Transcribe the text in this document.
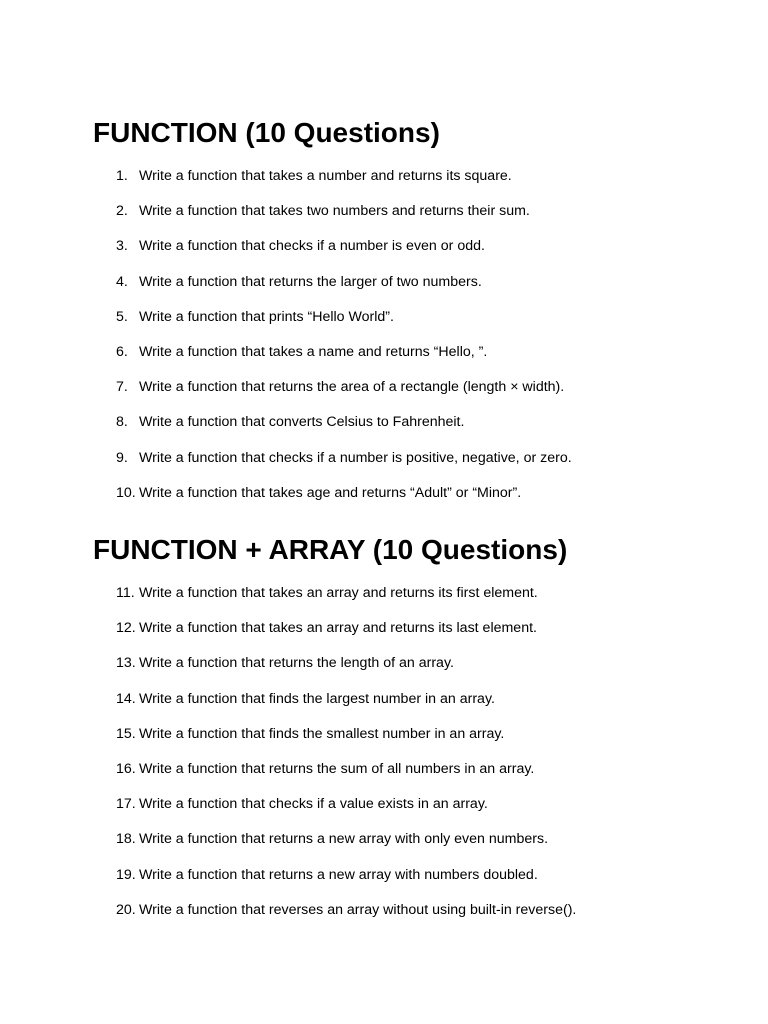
FUNCTION (10 Questions)
1. Write a function that takes a number and returns its square.
2. Write a function that takes two numbers and returns their sum.
3. Write a function that checks if a number is even or odd.
4. Write a function that returns the larger of two numbers.
5. Write a function that prints “Hello World”.
6. Write a function that takes a name and returns “Hello, ”.
7. Write a function that returns the area of a rectangle (length × width).
8. Write a function that converts Celsius to Fahrenheit.
9. Write a function that checks if a number is positive, negative, or zero.
10. Write a function that takes age and returns “Adult” or “Minor”.
FUNCTION + ARRAY (10 Questions)
11. Write a function that takes an array and returns its first element.
12. Write a function that takes an array and returns its last element.
13. Write a function that returns the length of an array.
14. Write a function that finds the largest number in an array.
15. Write a function that finds the smallest number in an array.
16. Write a function that returns the sum of all numbers in an array.
17. Write a function that checks if a value exists in an array.
18. Write a function that returns a new array with only even numbers.
19. Write a function that returns a new array with numbers doubled.
20. Write a function that reverses an array without using built-in reverse().
